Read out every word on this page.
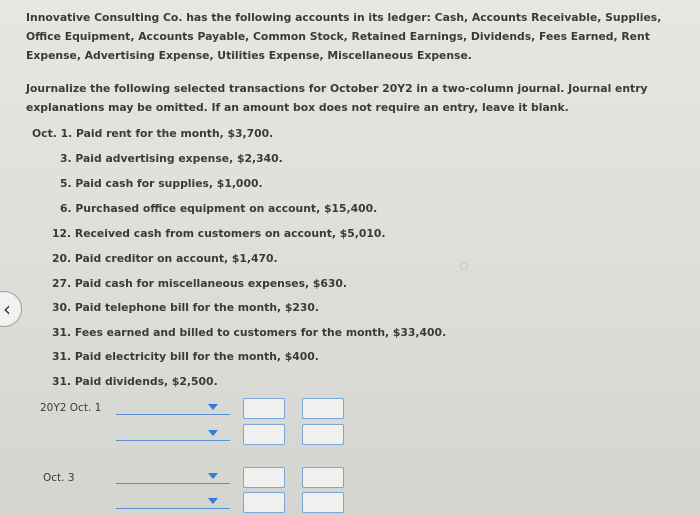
Innovative Consulting Co. has the following accounts in its ledger: Cash, Accounts Receivable, Supplies, Office Equipment, Accounts Payable, Common Stock, Retained Earnings, Dividends, Fees Earned, Rent Expense, Advertising Expense, Utilities Expense, Miscellaneous Expense.
Journalize the following selected transactions for October 20Y2 in a two-column journal. Journal entry explanations may be omitted. If an amount box does not require an entry, leave it blank.
Oct. 1. Paid rent for the month, $3,700.
3. Paid advertising expense, $2,340.
5. Paid cash for supplies, $1,000.
6. Purchased office equipment on account, $15,400.
12. Received cash from customers on account, $5,010.
20. Paid creditor on account, $1,470.
27. Paid cash for miscellaneous expenses, $630.
30. Paid telephone bill for the month, $230.
31. Fees earned and billed to customers for the month, $33,400.
31. Paid electricity bill for the month, $400.
31. Paid dividends, $2,500.
20Y2 Oct. 1
Oct. 3
‹
